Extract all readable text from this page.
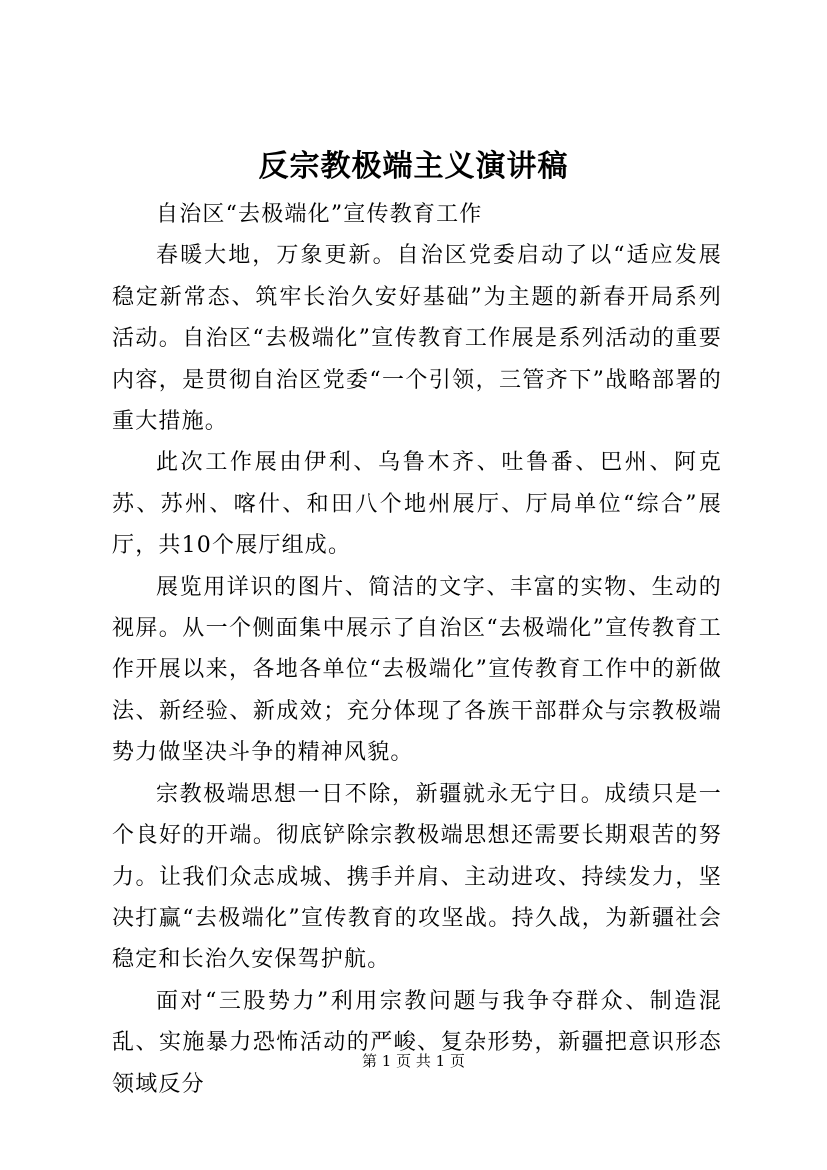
反宗教极端主义演讲稿

自治区“去极端化”宣传教育工作

春暖大地，万象更新。自治区党委启动了以“适应发展稳定新常态、筑牢长治久安好基础”为主题的新春开局系列活动。自治区“去极端化”宣传教育工作展是系列活动的重要内容，是贯彻自治区党委“一个引领，三管齐下”战略部署的重大措施。

此次工作展由伊利、乌鲁木齐、吐鲁番、巴州、阿克苏、苏州、喀什、和田八个地州展厅、厅局单位“综合”展厅，共10个展厅组成。

展览用详识的图片、简洁的文字、丰富的实物、生动的视屏。从一个侧面集中展示了自治区“去极端化”宣传教育工作开展以来，各地各单位“去极端化”宣传教育工作中的新做法、新经验、新成效；充分体现了各族干部群众与宗教极端势力做坚决斗争的精神风貌。

宗教极端思想一日不除，新疆就永无宁日。成绩只是一个良好的开端。彻底铲除宗教极端思想还需要长期艰苦的努力。让我们众志成城、携手并肩、主动进攻、持续发力，坚决打赢“去极端化”宣传教育的攻坚战。持久战，为新疆社会稳定和长治久安保驾护航。

面对“三股势力”利用宗教问题与我争夺群众、制造混乱、实施暴力恐怖活动的严峻、复杂形势，新疆把意识形态领域反分

第 1 页 共 1 页
